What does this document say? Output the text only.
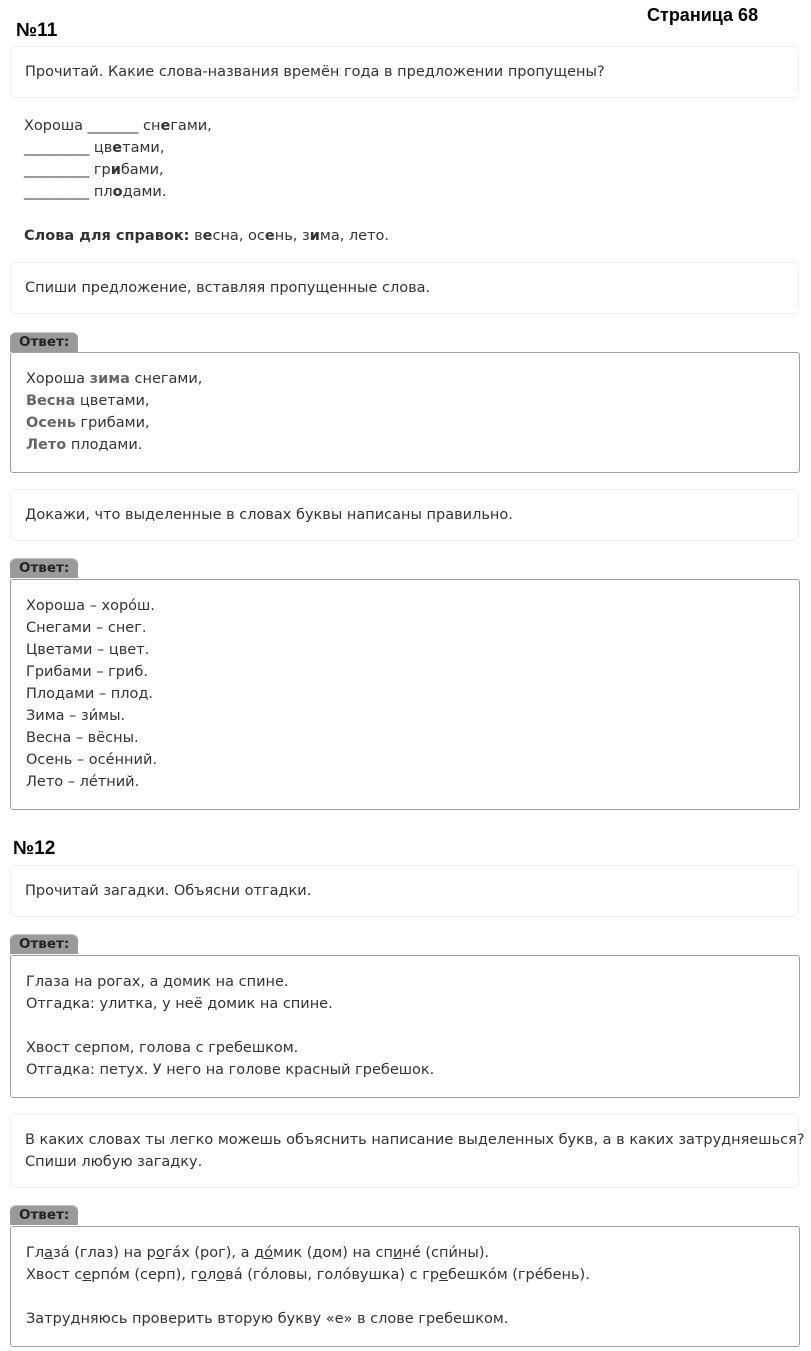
Страница 68
№11
Прочитай. Какие слова-названия времён года в предложении пропущены?
Хороша _______ снегами,
_________ цветами,
_________ грибами,
_________ плодами.
Слова для справок: весна, осень, зима, лето.
Спиши предложение, вставляя пропущенные слова.
Ответ:
Хороша зима снегами,
Весна цветами,
Осень грибами,
Лето плодами.
Докажи, что выделенные в словах буквы написаны правильно.
Ответ:
Хороша – хоро́ш.
Снегами – снег.
Цветами – цвет.
Грибами – гриб.
Плодами – плод.
Зима – зи́мы.
Весна – вёсны.
Осень – осе́нний.
Лето – ле́тний.
№12
Прочитай загадки. Объясни отгадки.
Ответ:
Глаза на рогах, а домик на спине.
Отгадка: улитка, у неё домик на спине.
Хвост серпом, голова с гребешком.
Отгадка: петух. У него на голове красный гребешок.
В каких словах ты легко можешь объяснить написание выделенных букв, а в каких затрудняешься?
Спиши любую загадку.
Ответ:
Глаза́ (глаз) на рога́х (рог), а до́мик (дом) на спине́ (спи́ны).
Хвост серпо́м (серп), голова́ (го́ловы, голо́вушка) с гребешко́м (гре́бень).
Затрудняюсь проверить вторую букву «е» в слове гребешком.
